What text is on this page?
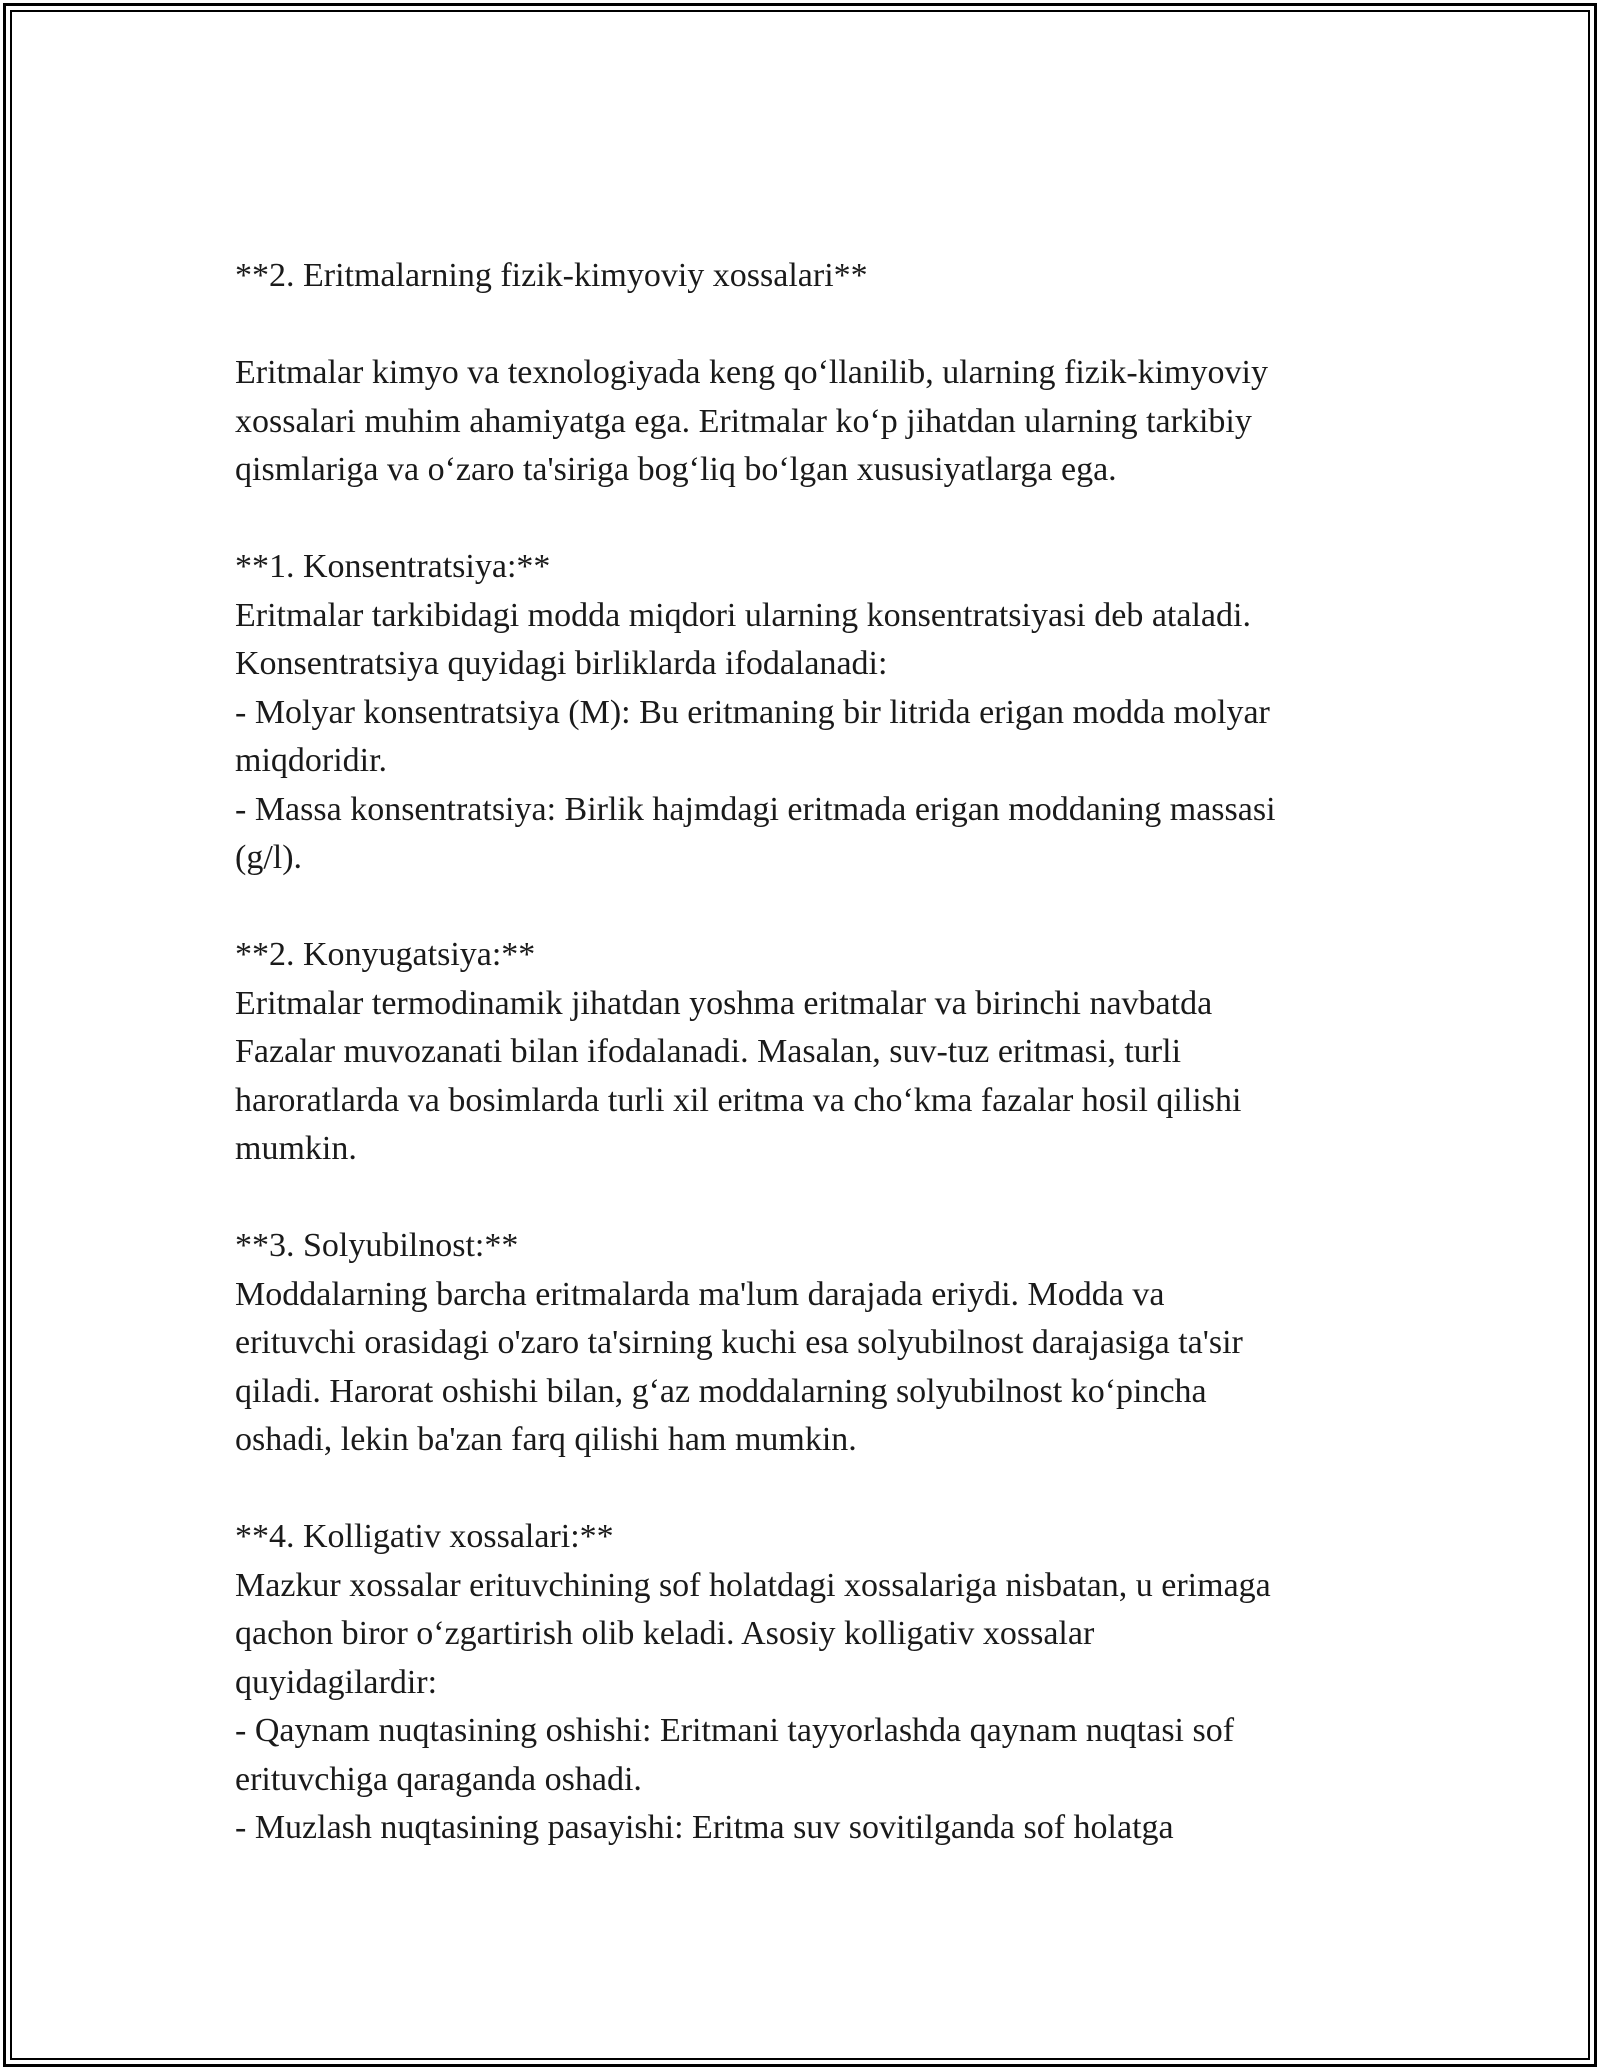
**2. Eritmalarning fizik-kimyoviy xossalari**
Eritmalar kimyo va texnologiyada keng qo‘llanilib, ularning fizik-kimyoviy
xossalari muhim ahamiyatga ega. Eritmalar ko‘p jihatdan ularning tarkibiy
qismlariga va o‘zaro ta'siriga bog‘liq bo‘lgan xususiyatlarga ega.
**1. Konsentratsiya:**
Eritmalar tarkibidagi modda miqdori ularning konsentratsiyasi deb ataladi.
Konsentratsiya quyidagi birliklarda ifodalanadi:
- Molyar konsentratsiya (M): Bu eritmaning bir litrida erigan modda molyar
miqdoridir.
- Massa konsentratsiya: Birlik hajmdagi eritmada erigan moddaning massasi
(g/l).
**2. Konyugatsiya:**
Eritmalar termodinamik jihatdan yoshma eritmalar va birinchi navbatda
Fazalar muvozanati bilan ifodalanadi. Masalan, suv-tuz eritmasi, turli
haroratlarda va bosimlarda turli xil eritma va cho‘kma fazalar hosil qilishi
mumkin.
**3. Solyubilnost:**
Moddalarning barcha eritmalarda ma'lum darajada eriydi. Modda va
erituvchi orasidagi o'zaro ta'sirning kuchi esa solyubilnost darajasiga ta'sir
qiladi. Harorat oshishi bilan, g‘az moddalarning solyubilnost ko‘pincha
oshadi, lekin ba'zan farq qilishi ham mumkin.
**4. Kolligativ xossalari:**
Mazkur xossalar erituvchining sof holatdagi xossalariga nisbatan, u erimaga
qachon biror o‘zgartirish olib keladi. Asosiy kolligativ xossalar
quyidagilardir:
- Qaynam nuqtasining oshishi: Eritmani tayyorlashda qaynam nuqtasi sof
erituvchiga qaraganda oshadi.
- Muzlash nuqtasining pasayishi: Eritma suv sovitilganda sof holatga
